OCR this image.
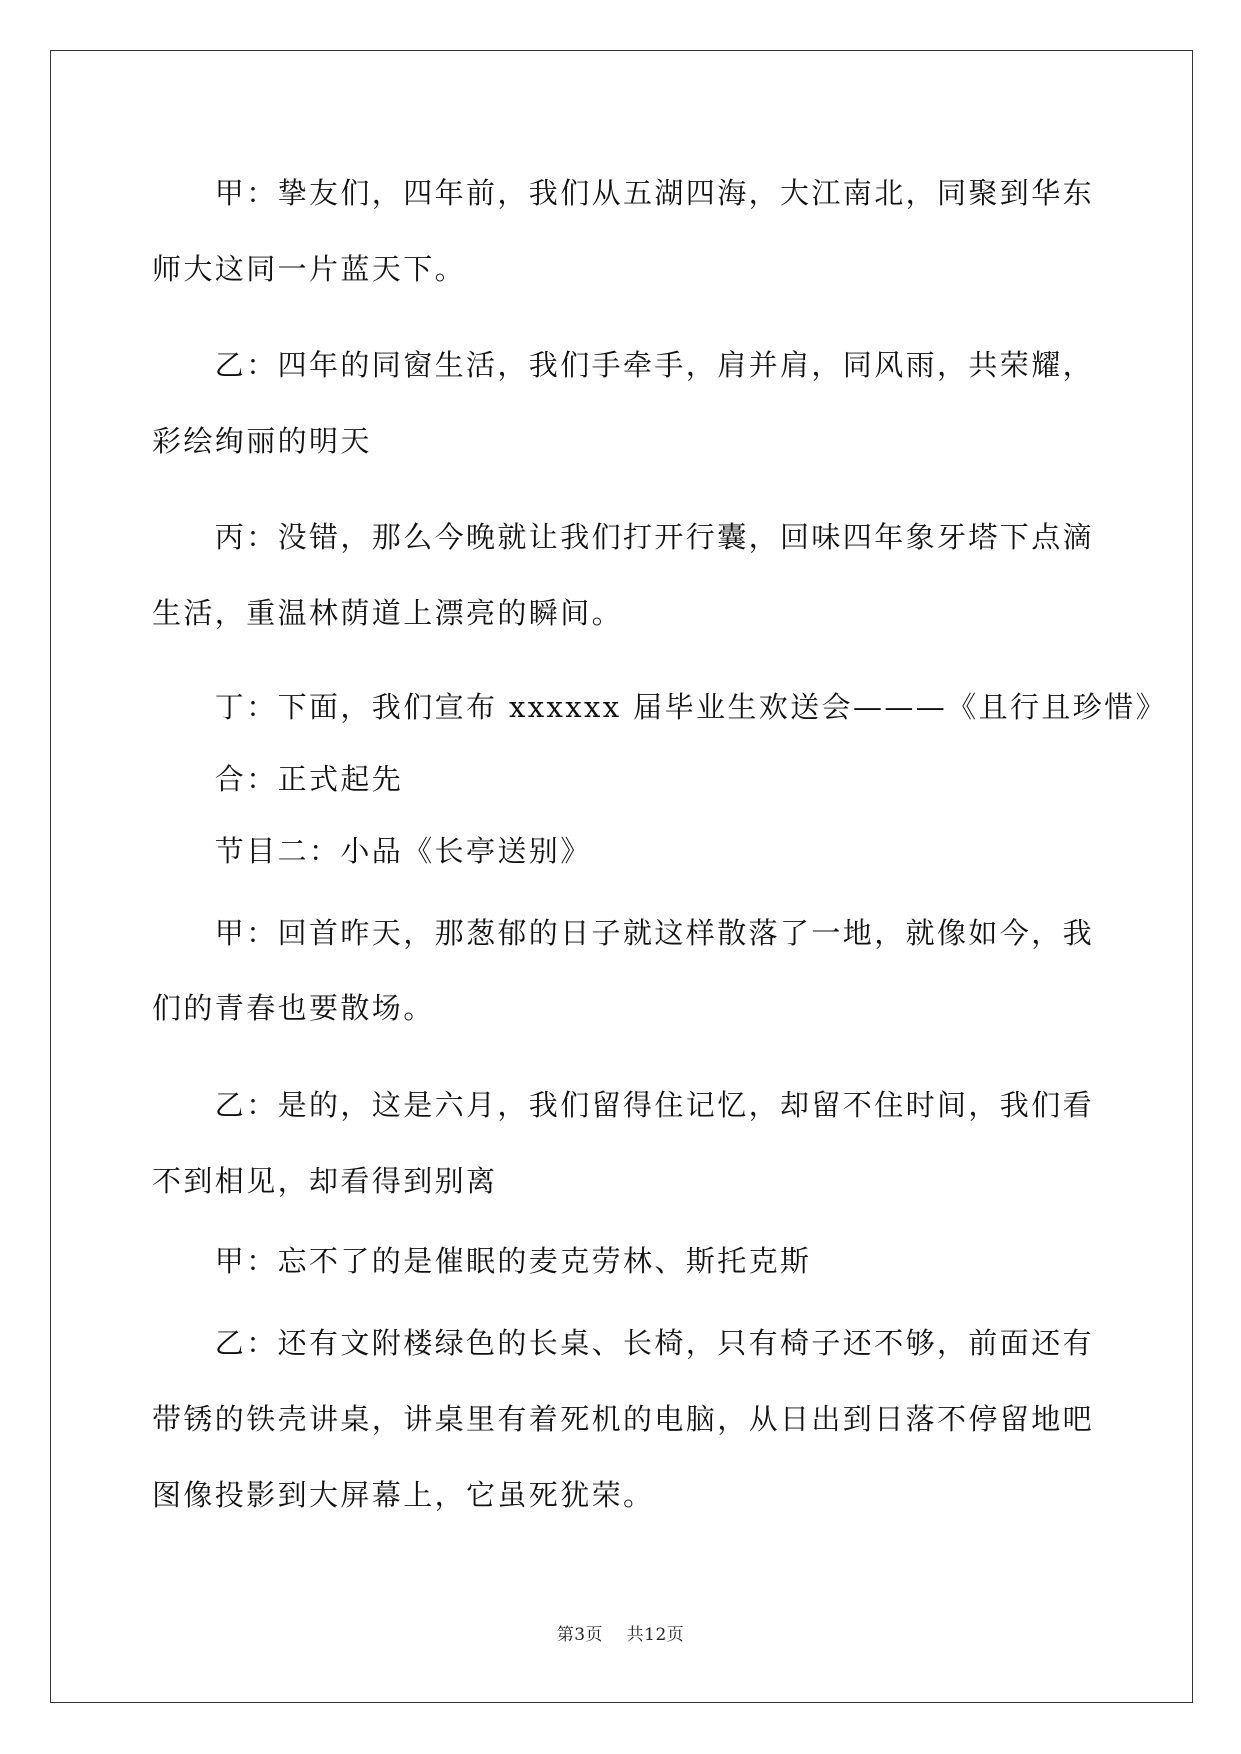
　　甲：挚友们，四年前，我们从五湖四海，大江南北，同聚到华东

师大这同一片蓝天下。

　　乙：四年的同窗生活，我们手牵手，肩并肩，同风雨，共荣耀，

彩绘绚丽的明天

　　丙：没错，那么今晚就让我们打开行囊，回味四年象牙塔下点滴

生活，重温林荫道上漂亮的瞬间。

　　丁：下面，我们宣布 xxxxxx 届毕业生欢送会———《且行且珍惜》

　　合：正式起先

　　节目二：小品《长亭送别》

　　甲：回首昨天，那葱郁的日子就这样散落了一地，就像如今，我

们的青春也要散场。

　　乙：是的，这是六月，我们留得住记忆，却留不住时间，我们看

不到相见，却看得到别离

　　甲：忘不了的是催眠的麦克劳林、斯托克斯

　　乙：还有文附楼绿色的长桌、长椅，只有椅子还不够，前面还有

带锈的铁壳讲桌，讲桌里有着死机的电脑，从日出到日落不停留地吧

图像投影到大屏幕上，它虽死犹荣。

第3页 共12页
